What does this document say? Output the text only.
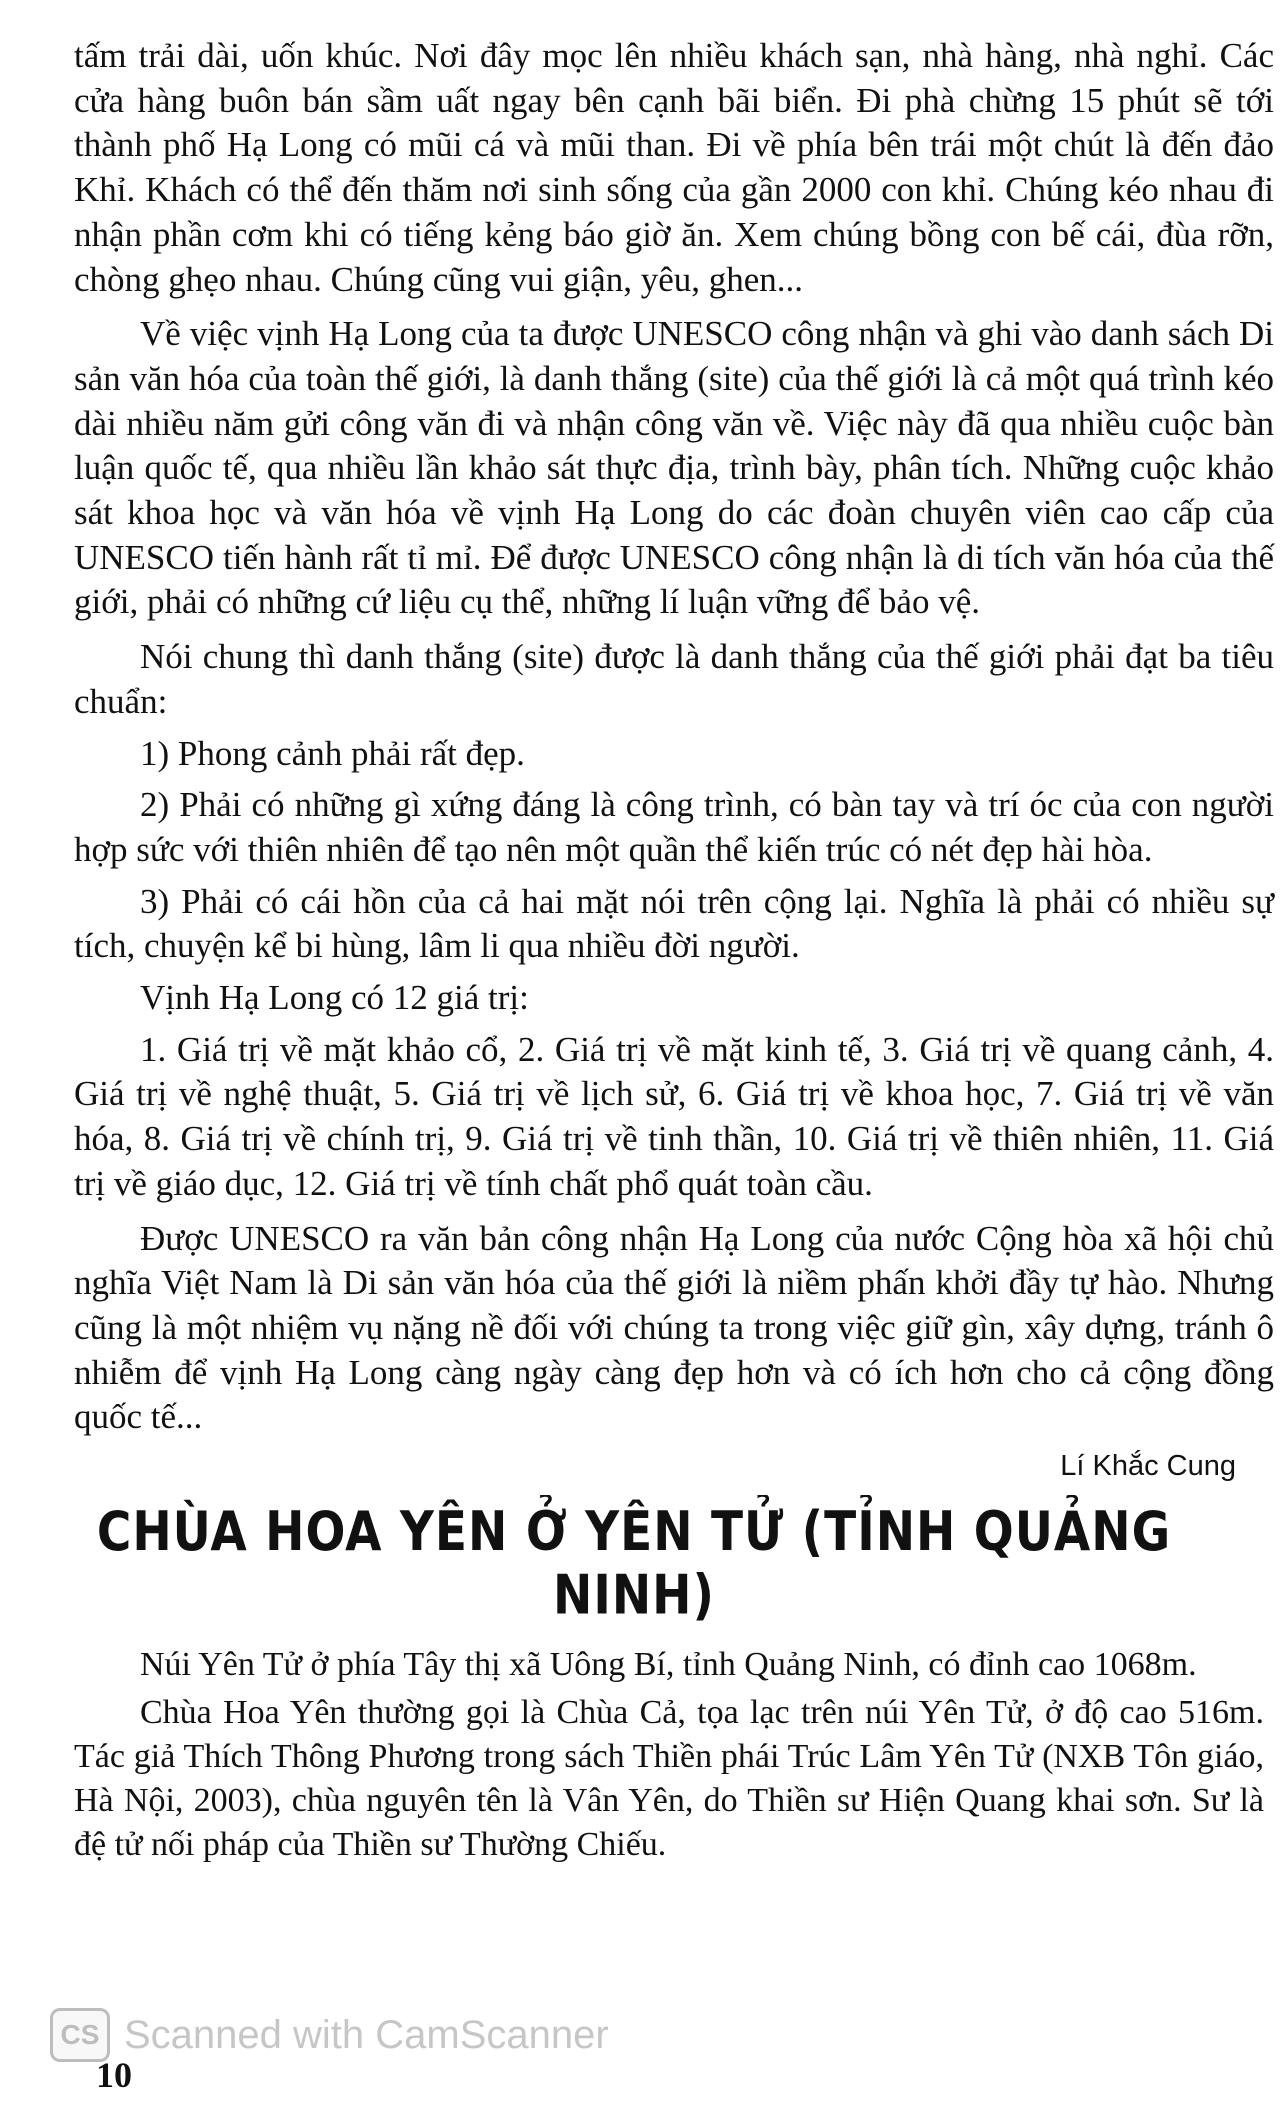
tấm trải dài, uốn khúc. Nơi đây mọc lên nhiều khách sạn, nhà hàng, nhà nghỉ. Các cửa hàng buôn bán sầm uất ngay bên cạnh bãi biển. Đi phà chừng 15 phút sẽ tới thành phố Hạ Long có mũi cá và mũi than. Đi về phía bên trái một chút là đến đảo Khỉ. Khách có thể đến thăm nơi sinh sống của gần 2000 con khỉ. Chúng kéo nhau đi nhận phần cơm khi có tiếng kẻng báo giờ ăn. Xem chúng bồng con bế cái, đùa rỡn, chòng ghẹo nhau. Chúng cũng vui giận, yêu, ghen...

Về việc vịnh Hạ Long của ta được UNESCO công nhận và ghi vào danh sách Di sản văn hóa của toàn thế giới, là danh thắng (site) của thế giới là cả một quá trình kéo dài nhiều năm gửi công văn đi và nhận công văn về. Việc này đã qua nhiều cuộc bàn luận quốc tế, qua nhiều lần khảo sát thực địa, trình bày, phân tích. Những cuộc khảo sát khoa học và văn hóa về vịnh Hạ Long do các đoàn chuyên viên cao cấp của UNESCO tiến hành rất tỉ mỉ. Để được UNESCO công nhận là di tích văn hóa của thế giới, phải có những cứ liệu cụ thể, những lí luận vững để bảo vệ.

Nói chung thì danh thắng (site) được là danh thắng của thế giới phải đạt ba tiêu chuẩn:

1) Phong cảnh phải rất đẹp.

2) Phải có những gì xứng đáng là công trình, có bàn tay và trí óc của con người hợp sức với thiên nhiên để tạo nên một quần thể kiến trúc có nét đẹp hài hòa.

3) Phải có cái hồn của cả hai mặt nói trên cộng lại. Nghĩa là phải có nhiều sự tích, chuyện kể bi hùng, lâm li qua nhiều đời người.

Vịnh Hạ Long có 12 giá trị:

1. Giá trị về mặt khảo cổ, 2. Giá trị về mặt kinh tế, 3. Giá trị về quang cảnh, 4. Giá trị về nghệ thuật, 5. Giá trị về lịch sử, 6. Giá trị về khoa học, 7. Giá trị về văn hóa, 8. Giá trị về chính trị, 9. Giá trị về tinh thần, 10. Giá trị về thiên nhiên, 11. Giá trị về giáo dục, 12. Giá trị về tính chất phổ quát toàn cầu.

Được UNESCO ra văn bản công nhận Hạ Long của nước Cộng hòa xã hội chủ nghĩa Việt Nam là Di sản văn hóa của thế giới là niềm phấn khởi đầy tự hào. Nhưng cũng là một nhiệm vụ nặng nề đối với chúng ta trong việc giữ gìn, xây dựng, tránh ô nhiễm để vịnh Hạ Long càng ngày càng đẹp hơn và có ích hơn cho cả cộng đồng quốc tế...

Lí Khắc Cung
CHÙA HOA YÊN Ở YÊN TỬ (TỈNH QUẢNG NINH)

Núi Yên Tử ở phía Tây thị xã Uông Bí, tỉnh Quảng Ninh, có đỉnh cao 1068m.

Chùa Hoa Yên thường gọi là Chùa Cả, tọa lạc trên núi Yên Tử, ở độ cao 516m. Tác giả Thích Thông Phương trong sách Thiền phái Trúc Lâm Yên Tử (NXB Tôn giáo, Hà Nội, 2003), chùa nguyên tên là Vân Yên, do Thiền sư Hiện Quang khai sơn. Sư là đệ tử nối pháp của Thiền sư Thường Chiếu.

CS Scanned with CamScanner
10
